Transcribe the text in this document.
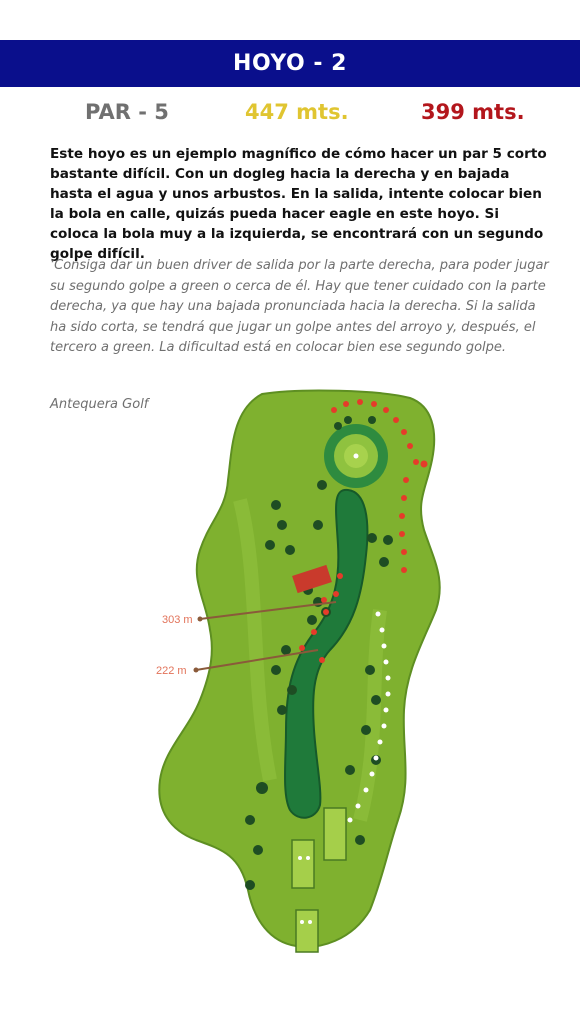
HOYO - 2
PAR - 5	447 mts.	399 mts.

Este hoyo es un ejemplo magnífico de cómo hacer un par 5 corto bastante difícil. Con un dogleg hacia la derecha y en bajada hasta el agua y unos arbustos. En la salida, intente colocar bien la bola en calle, quizás pueda hacer eagle en este hoyo. Si coloca la bola muy a la izquierda, se encontrará con un segundo golpe difícil.

‘Consiga dar un buen driver de salida por la parte derecha, para poder jugar su segundo golpe a green o cerca de él. Hay que tener cuidado con la parte derecha, ya que hay una bajada pronunciada hacia la derecha. Si la salida ha sido corta, se tendrá que jugar un golpe antes del arroyo y, después, el tercero a green. La dificultad está en colocar bien ese segundo golpe.

Antequera Golf
303 m
222 m
